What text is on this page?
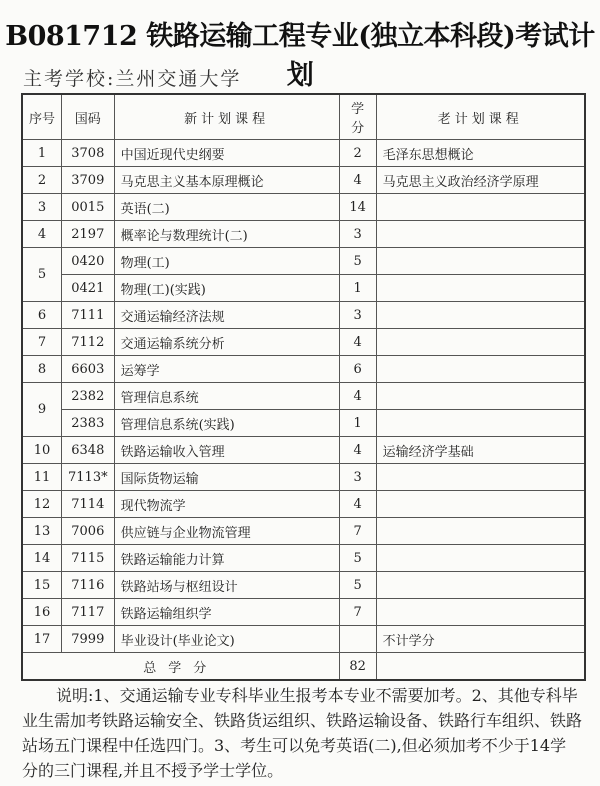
B081712 铁路运输工程专业(独立本科段)考试计划
主考学校:兰州交通大学
序号	国码	新计划课程	学分	老计划课程
1	3708	中国近现代史纲要	2	毛泽东思想概论
2	3709	马克思主义基本原理概论	4	马克思主义政治经济学原理
3	0015	英语(二)	14	
4	2197	概率论与数理统计(二)	3	
5	0420	物理(工)	5	
	0421	物理(工)(实践)	1	
6	7111	交通运输经济法规	3	
7	7112	交通运输系统分析	4	
8	6603	运筹学	6	
9	2382	管理信息系统	4	
	2383	管理信息系统(实践)	1	
10	6348	铁路运输收入管理	4	运输经济学基础
11	7113*	国际货物运输	3	
12	7114	现代物流学	4	
13	7006	供应链与企业物流管理	7	
14	7115	铁路运输能力计算	5	
15	7116	铁路站场与枢纽设计	5	
16	7117	铁路运输组织学	7	
17	7999	毕业设计(毕业论文)		不计学分
总学分			82	
说明:1、交通运输专业专科毕业生报考本专业不需要加考。2、其他专科毕业生需加考铁路运输安全、铁路货运组织、铁路运输设备、铁路行车组织、铁路站场五门课程中任选四门。3、考生可以免考英语(二),但必须加考不少于14学分的三门课程,并且不授予学士学位。
